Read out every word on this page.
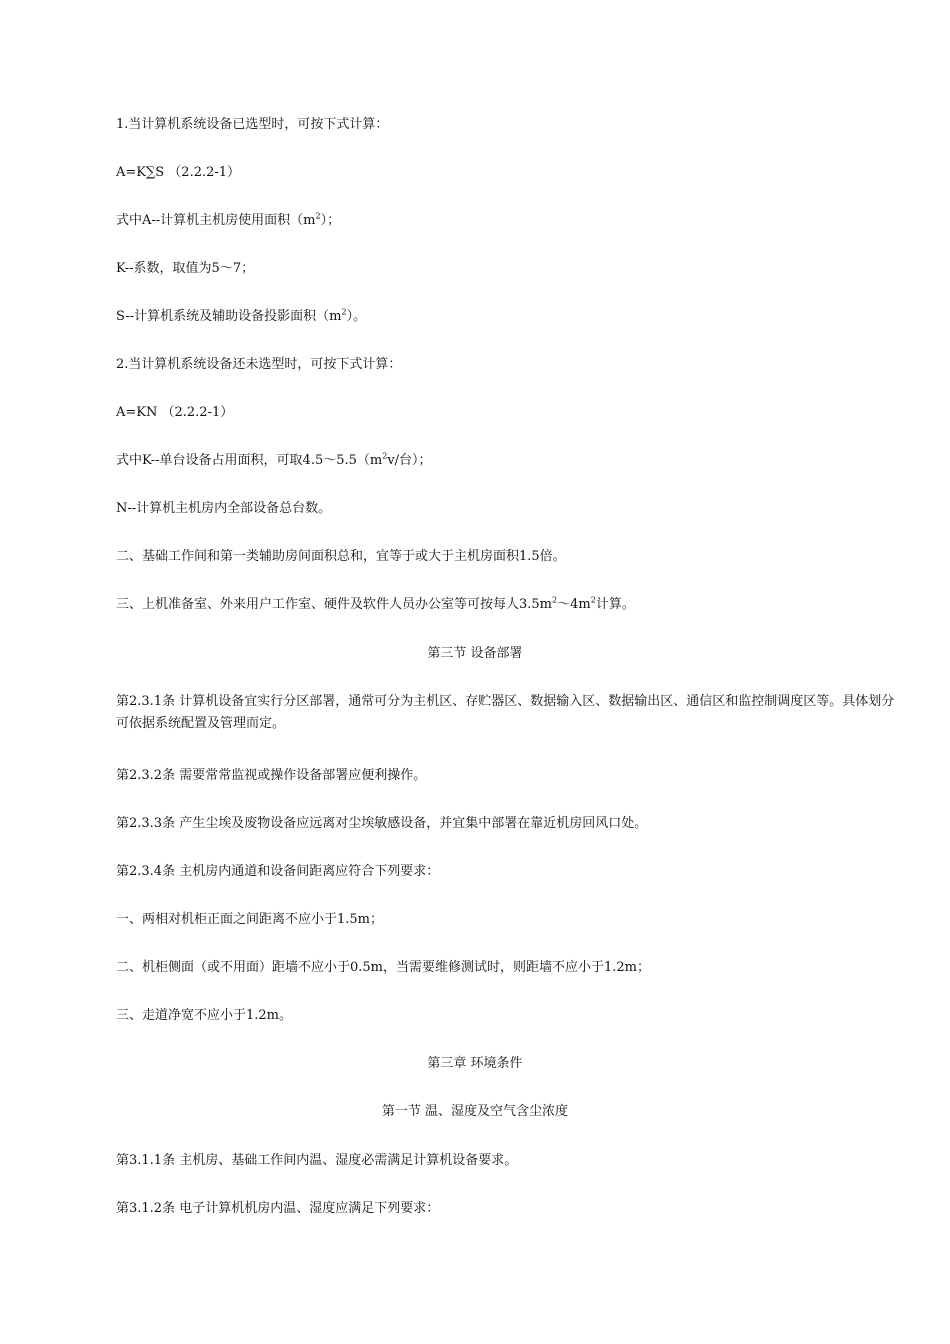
1.当计算机系统设备已选型时，可按下式计算：
A=K∑S （2.2.2-1）
式中A--计算机主机房使用面积$(m^2)$；
K--系数，取值为5～7；
S--计算机系统及辅助设备投影面积$(m^2)$。
2.当计算机系统设备还未选型时，可按下式计算：
A=KN （2.2.2-1）
式中K--单台设备占用面积，可取$4.5\sim 5.5(m^2v/$台）；
N--计算机主机房内全部设备总台数。
二、基础工作间和第一类辅助房间面积总和，宜等于或大于主机房面积1.5倍。
三、上机准备室、外来用户工作室、硬件及软件人员办公室等可按每人$3.5m^2\sim 4m^2$计算。
第三节 设备部署
第2.3.1条 计算机设备宜实行分区部署，通常可分为主机区、存贮器区、数据输入区、数据输出区、通信区和监控制调度区等。具体划分可依据系统配置及管理而定。
第2.3.2条 需要常常监视或操作设备部署应便利操作。
第2.3.3条 产生尘埃及废物设备应远离对尘埃敏感设备，并宜集中部署在靠近机房回风口处。
第2.3.4条 主机房内通道和设备间距离应符合下列要求：
一、两相对机柜正面之间距离不应小于1.5m；
二、机柜侧面（或不用面）距墙不应小于0.5m，当需要维修测试时，则距墙不应小于1.2m；
三、走道净宽不应小于1.2m。
第三章 环境条件
第一节 温、湿度及空气含尘浓度
第3.1.1条 主机房、基础工作间内温、湿度必需满足计算机设备要求。
第3.1.2条 电子计算机机房内温、湿度应满足下列要求：
